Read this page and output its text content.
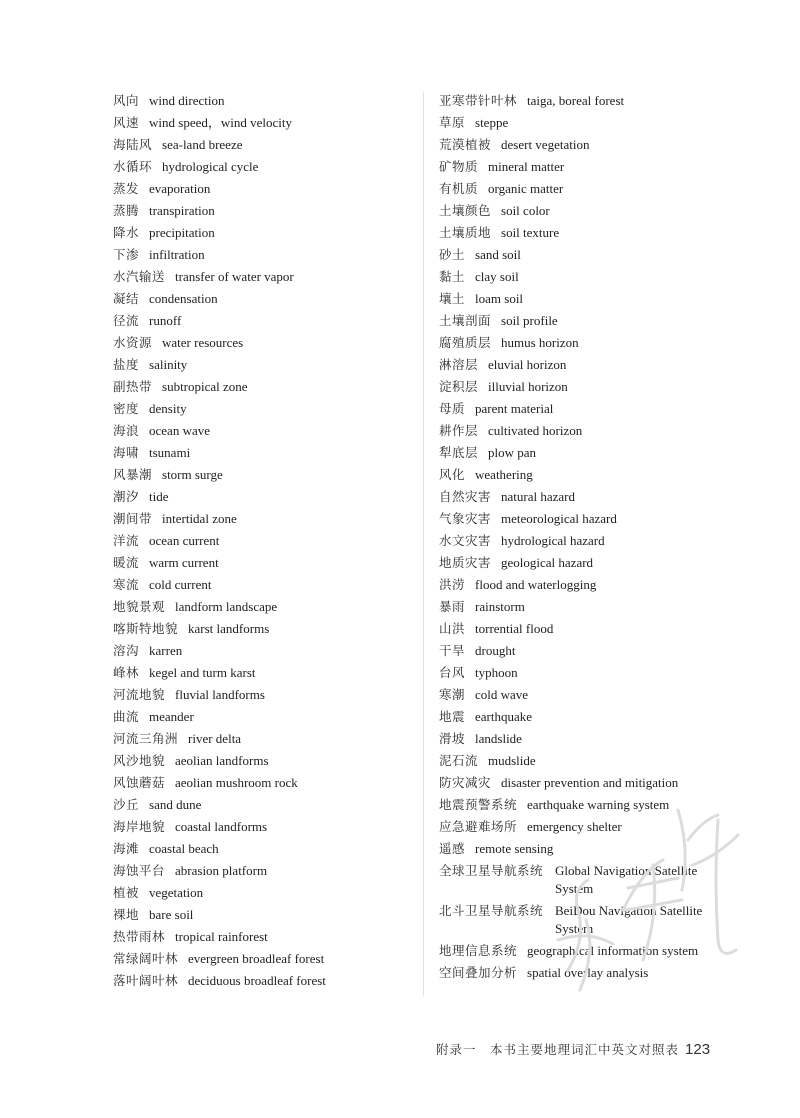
风向 wind direction
风速 wind speed，wind velocity
海陆风 sea-land breeze
水循环 hydrological cycle
蒸发 evaporation
蒸腾 transpiration
降水 precipitation
下渗 infiltration
水汽输送 transfer of water vapor
凝结 condensation
径流 runoff
水资源 water resources
盐度 salinity
副热带 subtropical zone
密度 density
海浪 ocean wave
海啸 tsunami
风暴潮 storm surge
潮汐 tide
潮间带 intertidal zone
洋流 ocean current
暖流 warm current
寒流 cold current
地貌景观 landform landscape
喀斯特地貌 karst landforms
溶沟 karren
峰林 kegel and turm karst
河流地貌 fluvial landforms
曲流 meander
河流三角洲 river delta
风沙地貌 aeolian landforms
风蚀蘑菇 aeolian mushroom rock
沙丘 sand dune
海岸地貌 coastal landforms
海滩 coastal beach
海蚀平台 abrasion platform
植被 vegetation
裸地 bare soil
热带雨林 tropical rainforest
常绿阔叶林 evergreen broadleaf forest
落叶阔叶林 deciduous broadleaf forest
亚寒带针叶林 taiga, boreal forest
草原 steppe
荒漠植被 desert vegetation
矿物质 mineral matter
有机质 organic matter
土壤颜色 soil color
土壤质地 soil texture
砂土 sand soil
黏土 clay soil
壤土 loam soil
土壤剖面 soil profile
腐殖质层 humus horizon
淋溶层 eluvial horizon
淀积层 illuvial horizon
母质 parent material
耕作层 cultivated horizon
犁底层 plow pan
风化 weathering
自然灾害 natural hazard
气象灾害 meteorological hazard
水文灾害 hydrological hazard
地质灾害 geological hazard
洪涝 flood and waterlogging
暴雨 rainstorm
山洪 torrential flood
干旱 drought
台风 typhoon
寒潮 cold wave
地震 earthquake
滑坡 landslide
泥石流 mudslide
防灾减灾 disaster prevention and mitigation
地震预警系统 earthquake warning system
应急避难场所 emergency shelter
遥感 remote sensing
全球卫星导航系统 Global Navigation Satellite System
北斗卫星导航系统 BeiDou Navigation Satellite System
地理信息系统 geographical information system
空间叠加分析 spatial overlay analysis
附录一　本书主要地理词汇中英文对照表 123
